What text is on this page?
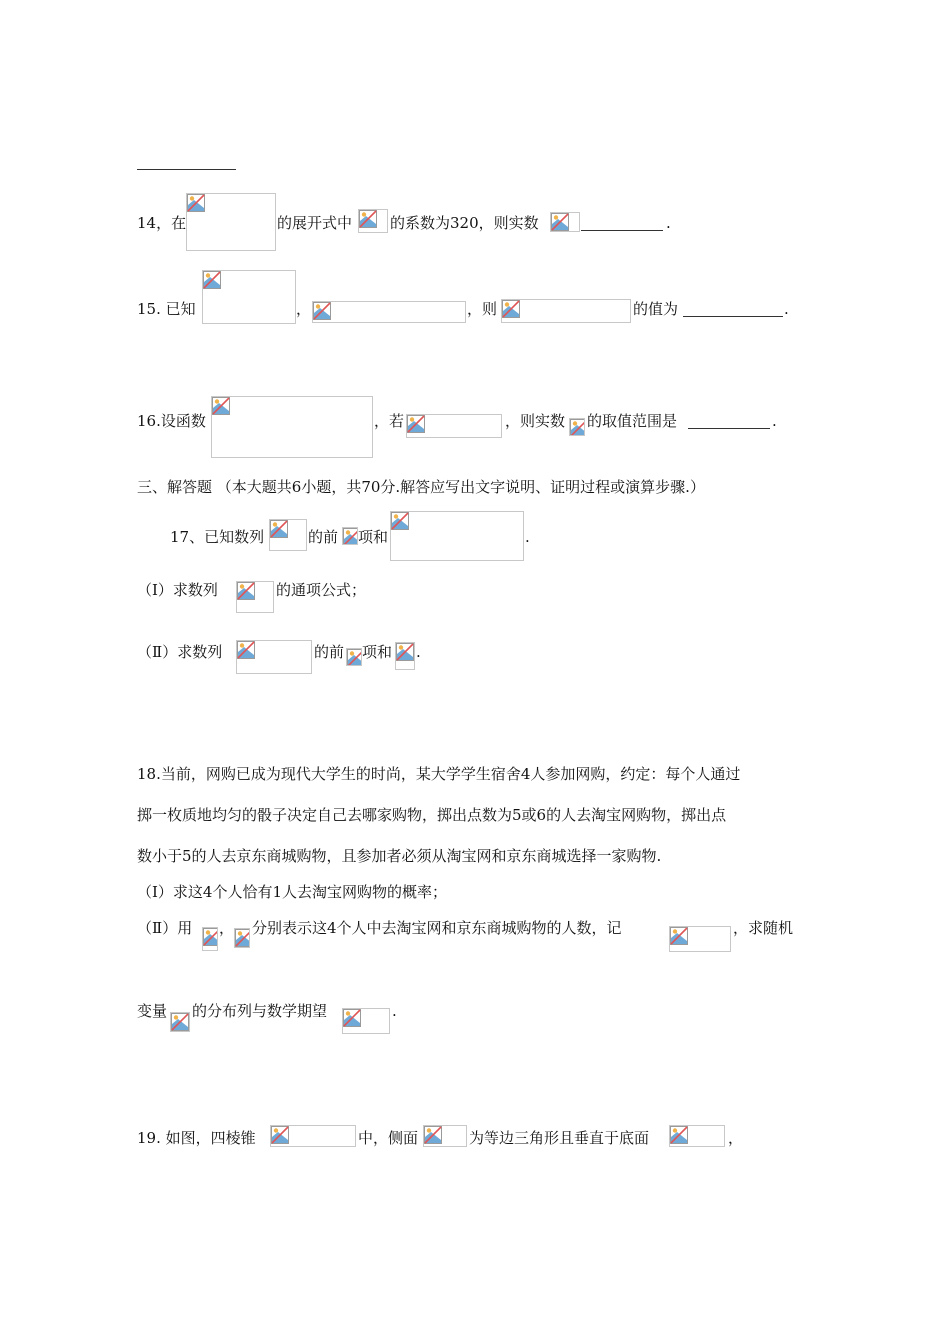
14，在	的展开式中	的系数为320，则实数	.
15. 已知	，	，则	的值为	.
16.设函数	，若	，则实数 的取值范围是	.
三、解答题 （本大题共6小题，共70分.解答应写出文字说明、证明过程或演算步骤.）
17、已知数列	的前 项和	.
（Ⅰ）求数列	的通项公式；
（Ⅱ）求数列	的前 项和 .
18.当前，网购已成为现代大学生的时尚，某大学学生宿舍4人参加网购，约定：每个人通过
掷一枚质地均匀的骰子决定自己去哪家购物，掷出点数为5或6的人去淘宝网购物，掷出点
数小于5的人去京东商城购物，且参加者必须从淘宝网和京东商城选择一家购物.
（Ⅰ）求这4个人恰有1人去淘宝网购物的概率；
（Ⅱ）用 ， 分别表示这4个人中去淘宝网和京东商城购物的人数，记	，求随机
变量 的分布列与数学期望	.
19. 如图，四棱锥	中，侧面	为等边三角形且垂直于底面	，
